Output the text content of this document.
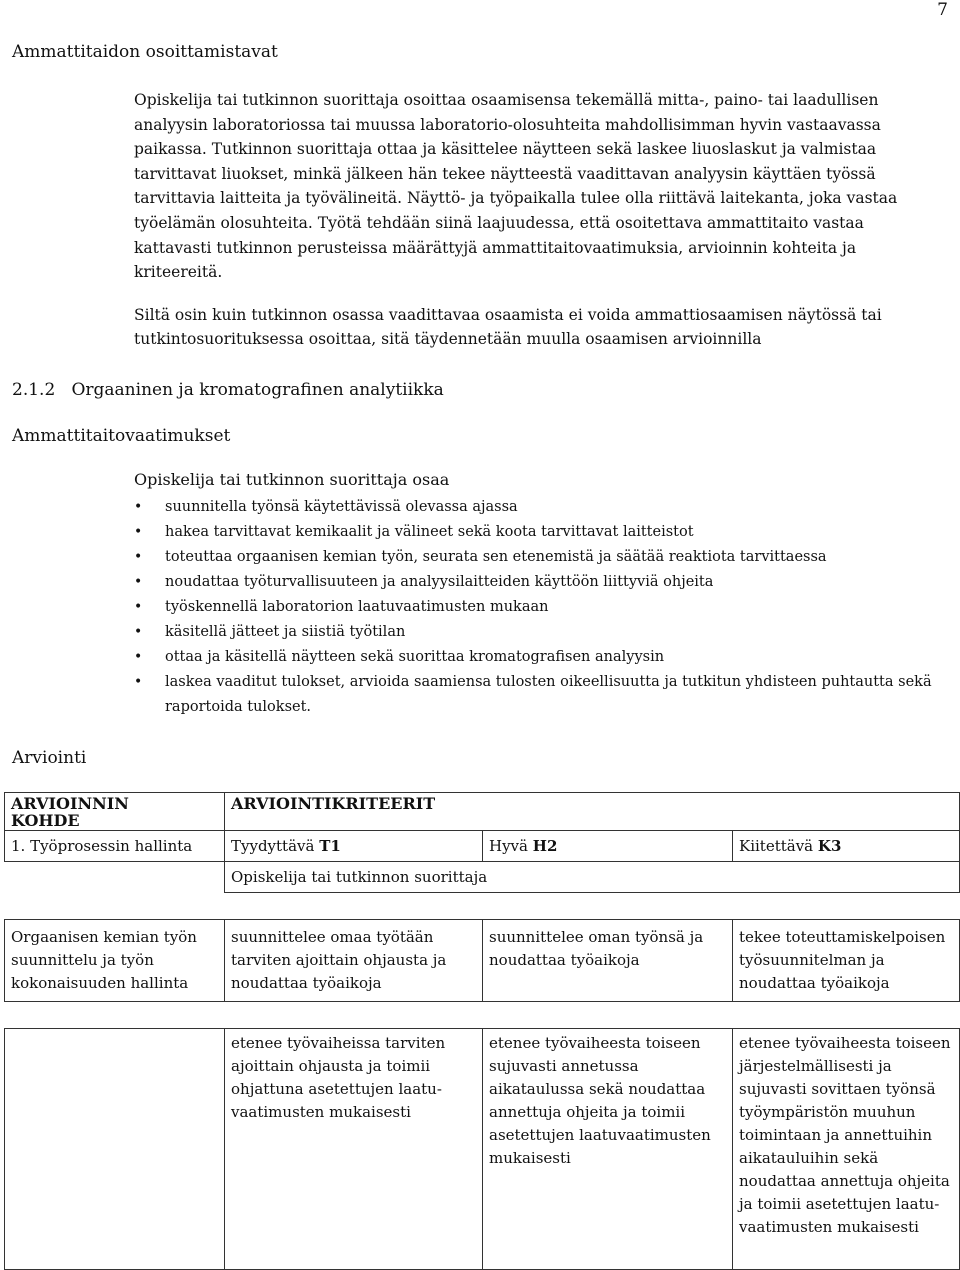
7
Ammattitaidon osoittamistavat

Opiskelija tai tutkinnon suorittaja osoittaa osaamisensa tekemällä mitta-, paino- tai laadullisen analyysin laboratoriossa tai muussa laboratorio-olosuhteita mahdollisimman hyvin vastaavassa paikassa. Tutkinnon suorittaja ottaa ja käsittelee näytteen sekä laskee liuoslaskut ja valmistaa tarvittavat liuokset, minkä jälkeen hän tekee näytteestä vaadittavan analyysin käyttäen työssä tarvittavia laitteita ja työvälineitä. Näyttö- ja työpaikalla tulee olla riittävä laitekanta, joka vastaa työelämän olosuhteita. Työtä tehdään siinä laajuudessa, että osoitettava ammattitaito vastaa kattavasti tutkinnon perusteissa määrättyjä ammattitaitovaatimuksia, arvioinnin kohteita ja kriteereitä.

Siltä osin kuin tutkinnon osassa vaadittavaa osaamista ei voida ammattiosaamisen näytössä tai tutkintosuorituksessa osoittaa, sitä täydennetään muulla osaamisen arvioinnilla

2.1.2   Orgaaninen ja kromatografinen analytiikka
Ammattitaitovaatimukset
Opiskelija tai tutkinnon suorittaja osaa
• suunnitella työnsä käytettävissä olevassa ajassa
• hakea tarvittavat kemikaalit ja välineet sekä koota tarvittavat laitteistot
• toteuttaa orgaanisen kemian työn, seurata sen etenemistä ja säätää reaktiota tarvittaessa
• noudattaa työturvallisuuteen ja analyysilaitteiden käyttöön liittyviä ohjeita
• työskennellä laboratorion laatuvaatimusten mukaan
• käsitellä jätteet ja siistiä työtilan
• ottaa ja käsitellä näytteen sekä suorittaa kromatografisen analyysin
• laskea vaaditut tulokset, arvioida saamiensa tulosten oikeellisuutta ja tutkitun yhdisteen puhtautta sekä raportoida tulokset.
Arviointi
ARVIOINNIN
KOHDE	ARVIOINTIKRITEERIT		
1. Työprosessin hallinta	Tyydyttävä T1	Hyvä H2	Kiitettävä K3
	Opiskelija tai tutkinnon suorittaja		

Orgaanisen kemian työn suunnittelu ja työn kokonaisuuden hallinta	suunnittelee omaa työtään tarviten ajoittain ohjausta ja noudattaa työaikoja	suunnittelee oman työnsä ja noudattaa työaikoja	tekee toteuttamiskelpoisen työsuunnitelman ja noudattaa työaikoja

	etenee työvaiheissa tarviten ajoittain ohjausta ja toimii ohjattuna asetettujen laatu-vaatimusten mukaisesti	etenee työvaiheesta toiseen sujuvasti annetussa aikataulussa sekä noudattaa annettuja ohjeita ja toimii asetettujen laatuvaatimusten mukaisesti	etenee työvaiheesta toiseen järjestelmällisesti ja sujuvasti sovittaen työnsä työympäristön muuhun toimintaan ja annettuihin aikatauluihin sekä noudattaa annettuja ohjeita ja toimii asetettujen laatu-vaatimusten mukaisesti
